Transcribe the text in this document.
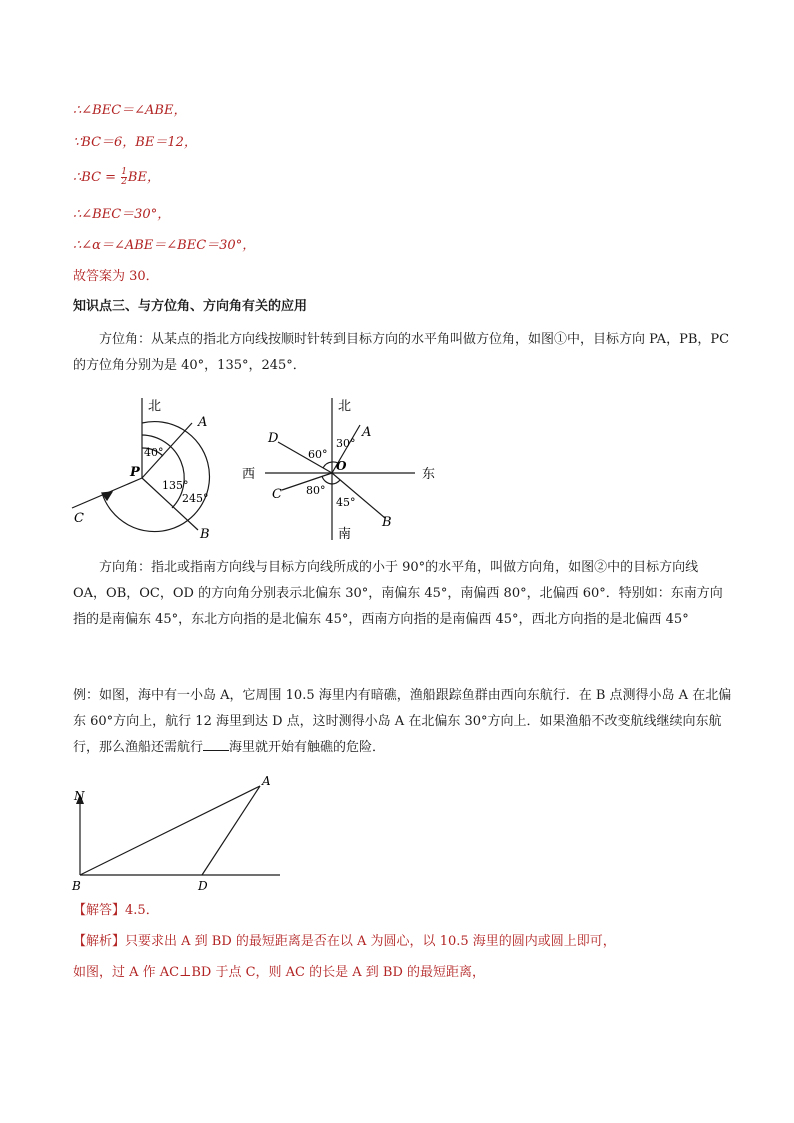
∴∠BEC＝∠ABE，
∵BC＝6，BE＝12，
∴BC = $\frac{1}{2}$ BE，
∴∠BEC＝30°，
∴∠α＝∠ABE＝∠BEC＝30°，
故答案为 30．
知识点三、与方位角、方向角有关的应用
方位角：从某点的指北方向线按顺时针转到目标方向的水平角叫做方位角，如图①中，目标方向 PA，PB，PC 的方位角分别为是 40°，135°，245°．
北
A
B
C
P
40°
135°
245°
北
南
西	东
A
B
C
D
O
30°
60°
80°
45°
方向角：指北或指南方向线与目标方向线所成的小于 90°的水平角，叫做方向角，如图②中的目标方向线 OA，OB，OC，OD 的方向角分别表示北偏东 30°，南偏东 45°，南偏西 80°，北偏西 60°．特别如：东南方向指的是南偏东 45°，东北方向指的是北偏东 45°，西南方向指的是南偏西 45°，西北方向指的是北偏西 45°
例：如图，海中有一小岛 A，它周围 10.5 海里内有暗礁，渔船跟踪鱼群由西向东航行．在 B 点测得小岛 A 在北偏东 60°方向上，航行 12 海里到达 D 点，这时测得小岛 A 在北偏东 30°方向上．如果渔船不改变航线继续向东航行，那么渔船还需航行 海里就开始有触礁的危险．
N
A
B	D
【解答】4.5．
【解析】只要求出 A 到 BD 的最短距离是否在以 A 为圆心，以 10.5 海里的圆内或圆上即可，
如图，过 A 作 AC⊥BD 于点 C，则 AC 的长是 A 到 BD 的最短距离，
